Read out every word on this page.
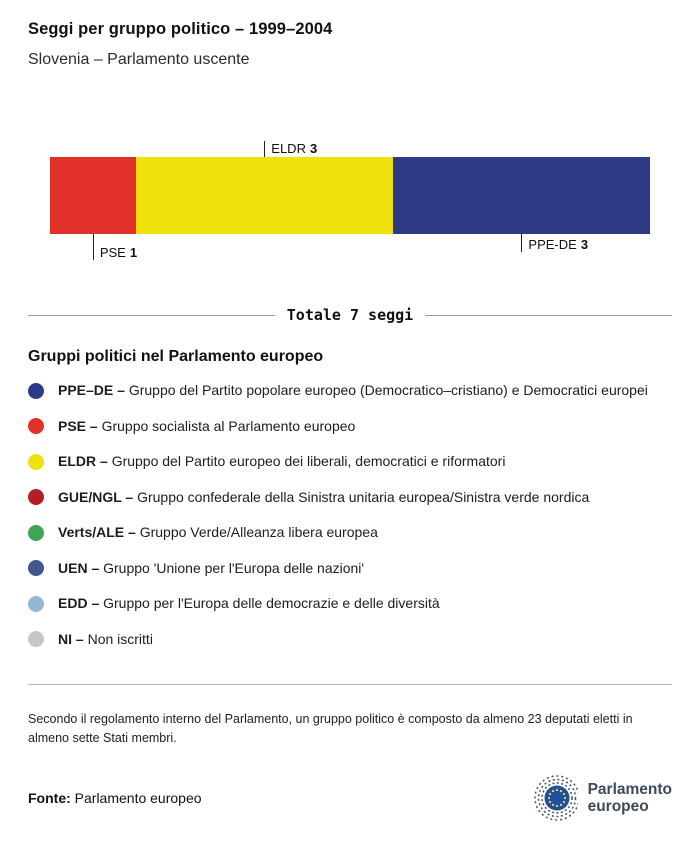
Seggi per gruppo politico – 1999–2004

Slovenia – Parlamento uscente

PSE 1
ELDR 3
PPE-DE 3
Totale 7 seggi
Gruppi politici nel Parlamento europeo
PPE–DE – Gruppo del Partito popolare europeo (Democratico–cristiano) e Democratici europei
PSE – Gruppo socialista al Parlamento europeo
ELDR – Gruppo del Partito europeo dei liberali, democratici e riformatori
GUE/NGL – Gruppo confederale della Sinistra unitaria europea/Sinistra verde nordica
Verts/ALE – Gruppo Verde/Alleanza libera europea
UEN – Gruppo 'Unione per l'Europa delle nazioni'
EDD – Gruppo per l'Europa delle democrazie e delle diversità
NI – Non iscritti

Secondo il regolamento interno del Parlamento, un gruppo politico è composto da almeno 23 deputati eletti in almeno sette Stati membri.

Fonte: Parlamento europeo
Parlamento
europeo
